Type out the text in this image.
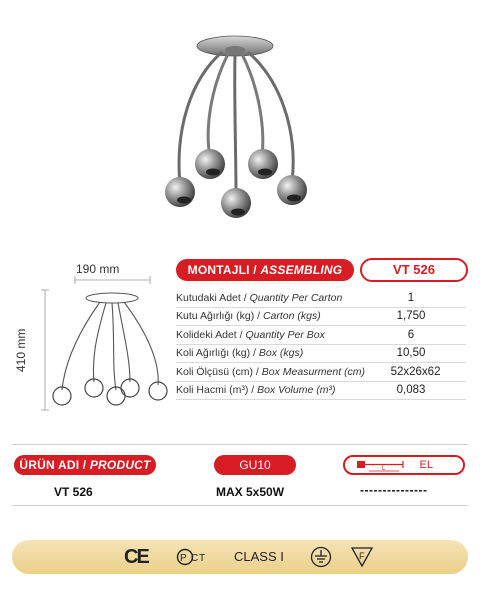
190 mm
410 mm
MONTAJLI / ASSEMBLING	VT 526
Kutudaki Adet / Quantity Per Carton	1
Kutu Ağırlığı (kg) / Carton (kgs)	1,750
Kolideki Adet / Quantity Per Box	6
Koli Ağırlığı (kg) / Box (kgs)	10,50
Koli Ölçüsü (cm) / Box Measurment (cm)	52x26x62
Koli Hacmi (m³) / Box Volume (m³)	0,083
ÜRÜN ADI / PRODUCT	GU10	L	EL
VT 526	MAX 5x50W	---------------
CE	P C T CLASS I	F
